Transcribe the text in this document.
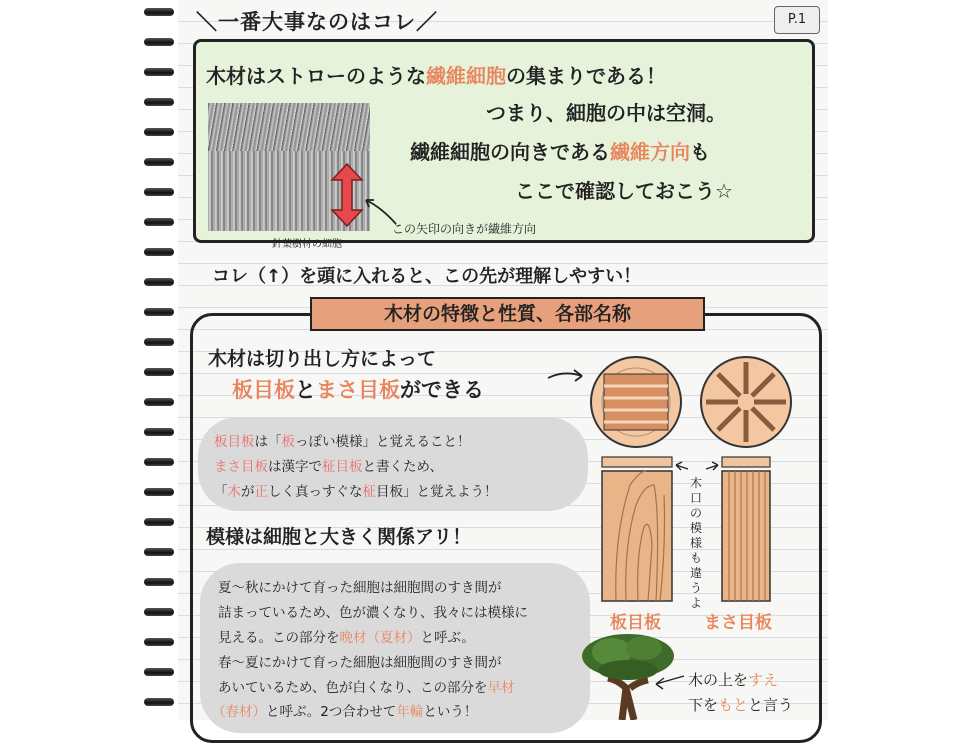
＼一番大事なのはコレ／	P.1
木材はストローのような繊維細胞の集まりである！
つまり、細胞の中は空洞。
繊維細胞の向きである繊維方向も
ここで確認しておこう☆
針葉樹材の細胞
この矢印の向きが繊維方向
コレ（↑）を頭に入れると、この先が理解しやすい！
木材の特徴と性質、各部名称
木材は切り出し方によって
板目板とまさ目板ができる
板目板は「板っぽい模様」と覚えること！
まさ目板は漢字で柾目板と書くため、
「木が正しく真っすぐな柾目板」と覚えよう！
模様は細胞と大きく関係アリ！
夏～秋にかけて育った細胞は細胞間のすき間が
詰まっているため、色が濃くなり、我々には模様に
見える。この部分を晩材（夏材）と呼ぶ。
春～夏にかけて育った細胞は細胞間のすき間が
あいているため、色が白くなり、この部分を早材
（春材）と呼ぶ。2つ合わせて年輪という！
木口の模様も違うよ
板目板	まさ目板
木の上をすえ
下をもとと言う
